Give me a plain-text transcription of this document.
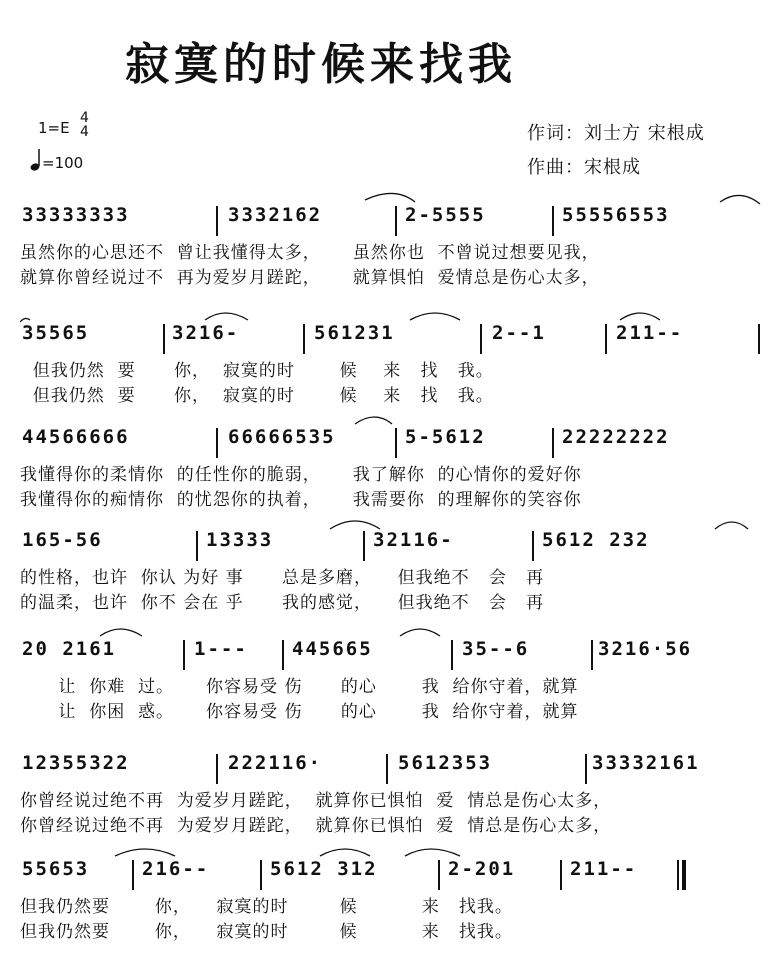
寂寞的时候来找我
1=E
4
4
=100
作词：刘士方 宋根成
作曲：宋根成
33333333	3332162	2-5555	55556553
虽然你的心思还不  曾让我懂得太多，     虽然你也  不曾说过想要见我，
就算你曾经说过不  再为爱岁月蹉跎，     就算惧怕  爱情总是伤心太多，
35565	3216-	561231	2--1	211--
但我仍然  要      你，  寂寞的时       候    来   找   我。
但我仍然  要      你，  寂寞的时       候    来   找   我。
44566666	66666535	5-5612	22222222
我懂得你的柔情你  的任性你的脆弱，     我了解你  的心情你的爱好你
我懂得你的痴情你  的忧怨你的执着，     我需要你  的理解你的笑容你
165-56	13333	32116-	5612 232
的性格，也许  你认 为好 事      总是多磨，    但我绝不   会   再
的温柔，也许  你不 会在 乎      我的感觉，    但我绝不   会   再
20 2161	1--- 445665	35--6	3216·56
让  你难  过。     你容易受 伤      的心       我  给你守着，就算
让  你困  惑。     你容易受 伤      的心       我  给你守着，就算
12355322	222116·	5612353	33332161
你曾经说过绝不再  为爱岁月蹉跎，  就算你已惧怕  爱  情总是伤心太多，
你曾经说过绝不再  为爱岁月蹉跎，  就算你已惧怕  爱  情总是伤心太多，
55653	216--	5612 312	2-201	211--
但我仍然要       你，    寂寞的时        候          来   找我。
但我仍然要       你，    寂寞的时        候          来   找我。
